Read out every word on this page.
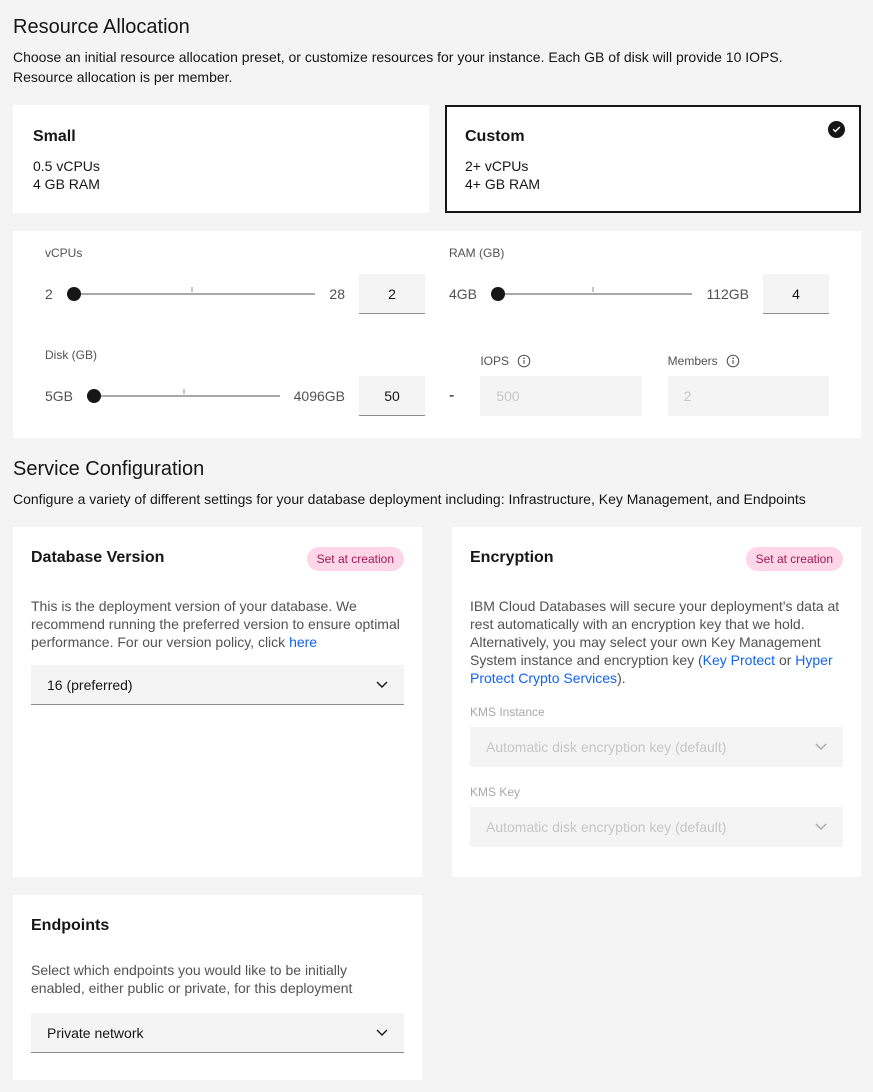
Resource Allocation

Choose an initial resource allocation preset, or customize resources for your instance. Each GB of disk will provide 10 IOPS. Resource allocation is per member.

Small

0.5 vCPUs

4 GB RAM

Custom

2+ vCPUs

4+ GB RAM

vCPUs
2	28
2
RAM (GB)
4GB	112GB
4
Disk (GB)
5GB	4096GB
50	-
IOPS
500	Members
2
Service Configuration

Configure a variety of different settings for your database deployment including: Infrastructure, Key Management, and Endpoints

Database Version	Set at creation

This is the deployment version of your database. We recommend running the preferred version to ensure optimal performance. For our version policy, click here

16 (preferred)
Encryption	Set at creation

IBM Cloud Databases will secure your deployment's data at rest automatically with an encryption key that we hold. Alternatively, you may select your own Key Management System instance and encryption key (Key Protect or Hyper Protect Crypto Services).

KMS Instance
Automatic disk encryption key (default)
KMS Key
Automatic disk encryption key (default)
Endpoints

Select which endpoints you would like to be initially enabled, either public or private, for this deployment

Private network
